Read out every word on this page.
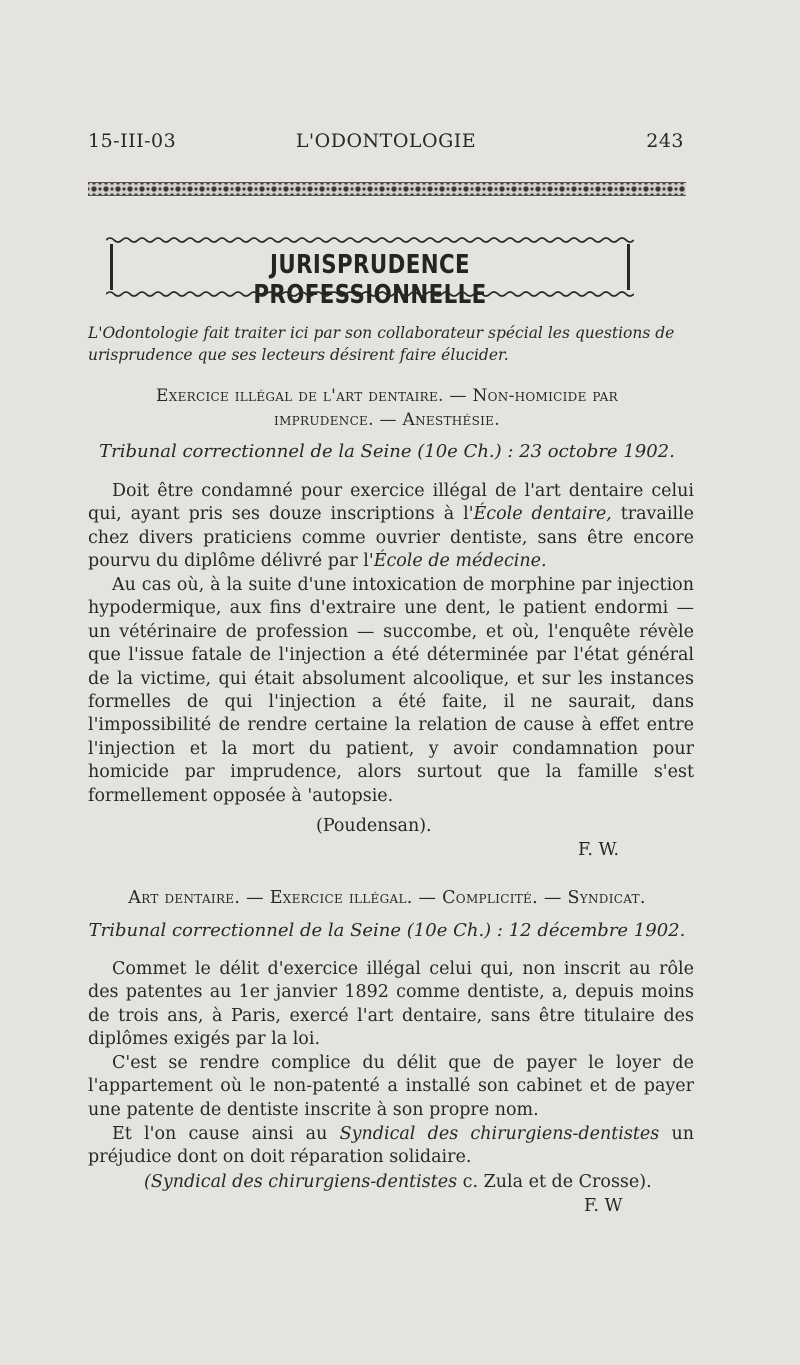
15-III-03	L'ODONTOLOGIE	243
JURISPRUDENCE PROFESSIONNELLE
L'Odontologie fait traiter ici par son collaborateur spécial les questions de urisprudence que ses lecteurs désirent faire élucider.
Exercice illégal de l'art dentaire. — Non-homicide par
imprudence. — Anesthésie.
Tribunal correctionnel de la Seine (10e Ch.) : 23 octobre 1902.
Doit être condamné pour exercice illégal de l'art dentaire celui qui, ayant pris ses douze inscriptions à l'École dentaire, travaille chez divers praticiens comme ouvrier dentiste, sans être encore pourvu du diplôme délivré par l'École de médecine.
Au cas où, à la suite d'une intoxication de morphine par injection hypodermique, aux fins d'extraire une dent, le patient endormi — un vétérinaire de profession — succombe, et où, l'enquête révèle que l'issue fatale de l'injection a été déterminée par l'état général de la victime, qui était absolument alcoolique, et sur les instances formelles de qui l'injection a été faite, il ne saurait, dans l'impossibilité de rendre certaine la relation de cause à effet entre l'injection et la mort du patient, y avoir condamnation pour homicide par imprudence, alors surtout que la famille s'est formellement opposée à 'autopsie.
(Poudensan).
F. W.
Art dentaire. — Exercice illégal. — Complicité. — Syndicat.
Tribunal correctionnel de la Seine (10e Ch.) : 12 décembre 1902.
Commet le délit d'exercice illégal celui qui, non inscrit au rôle des patentes au 1er janvier 1892 comme dentiste, a, depuis moins de trois ans, à Paris, exercé l'art dentaire, sans être titulaire des diplômes exigés par la loi.
C'est se rendre complice du délit que de payer le loyer de l'appartement où le non-patenté a installé son cabinet et de payer une patente de dentiste inscrite à son propre nom.
Et l'on cause ainsi au Syndical des chirurgiens-dentistes un préjudice dont on doit réparation solidaire.
(Syndical des chirurgiens-dentistes c. Zula et de Crosse).
F. W
